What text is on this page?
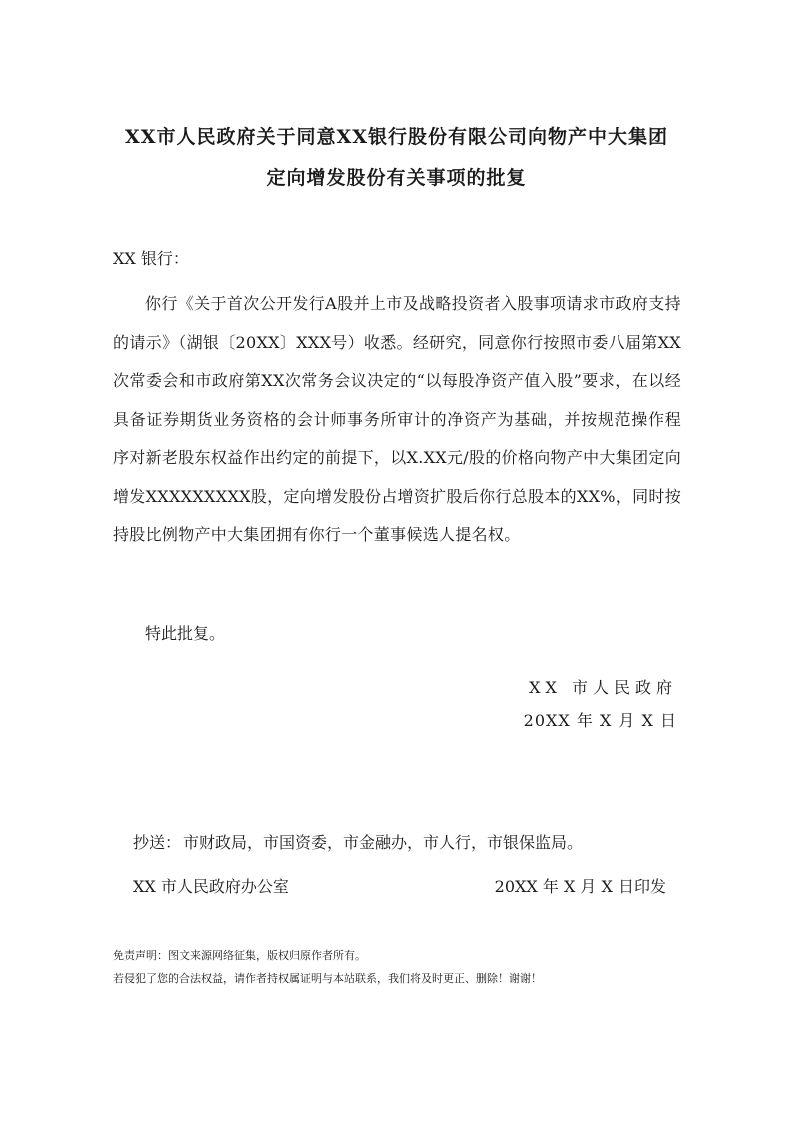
XX市人民政府关于同意XX银行股份有限公司向物产中大集团
定向增发股份有关事项的批复

XX 银行：

你行《关于首次公开发行A股并上市及战略投资者入股事项请求市政府支持的请示》（湖银〔20XX〕XXX号）收悉。经研究，同意你行按照市委八届第XX次常委会和市政府第XX次常务会议决定的“以每股净资产值入股”要求，在以经具备证券期货业务资格的会计师事务所审计的净资产为基础，并按规范操作程序对新老股东权益作出约定的前提下，以X.XX元/股的价格向物产中大集团定向增发XXXXXXXXX股，定向增发股份占增资扩股后你行总股本的XX%，同时按持股比例物产中大集团拥有你行一个董事候选人提名权。

特此批复。

XX 市人民政府

20XX 年 X 月 X 日

抄送： 市财政局，市国资委，市金融办，市人行，市银保监局。

XX 市人民政府办公室	20XX 年 X 月 X 日印发

免责声明：图文来源网络征集，版权归原作者所有。

若侵犯了您的合法权益，请作者持权属证明与本站联系，我们将及时更正、删除！谢谢！
